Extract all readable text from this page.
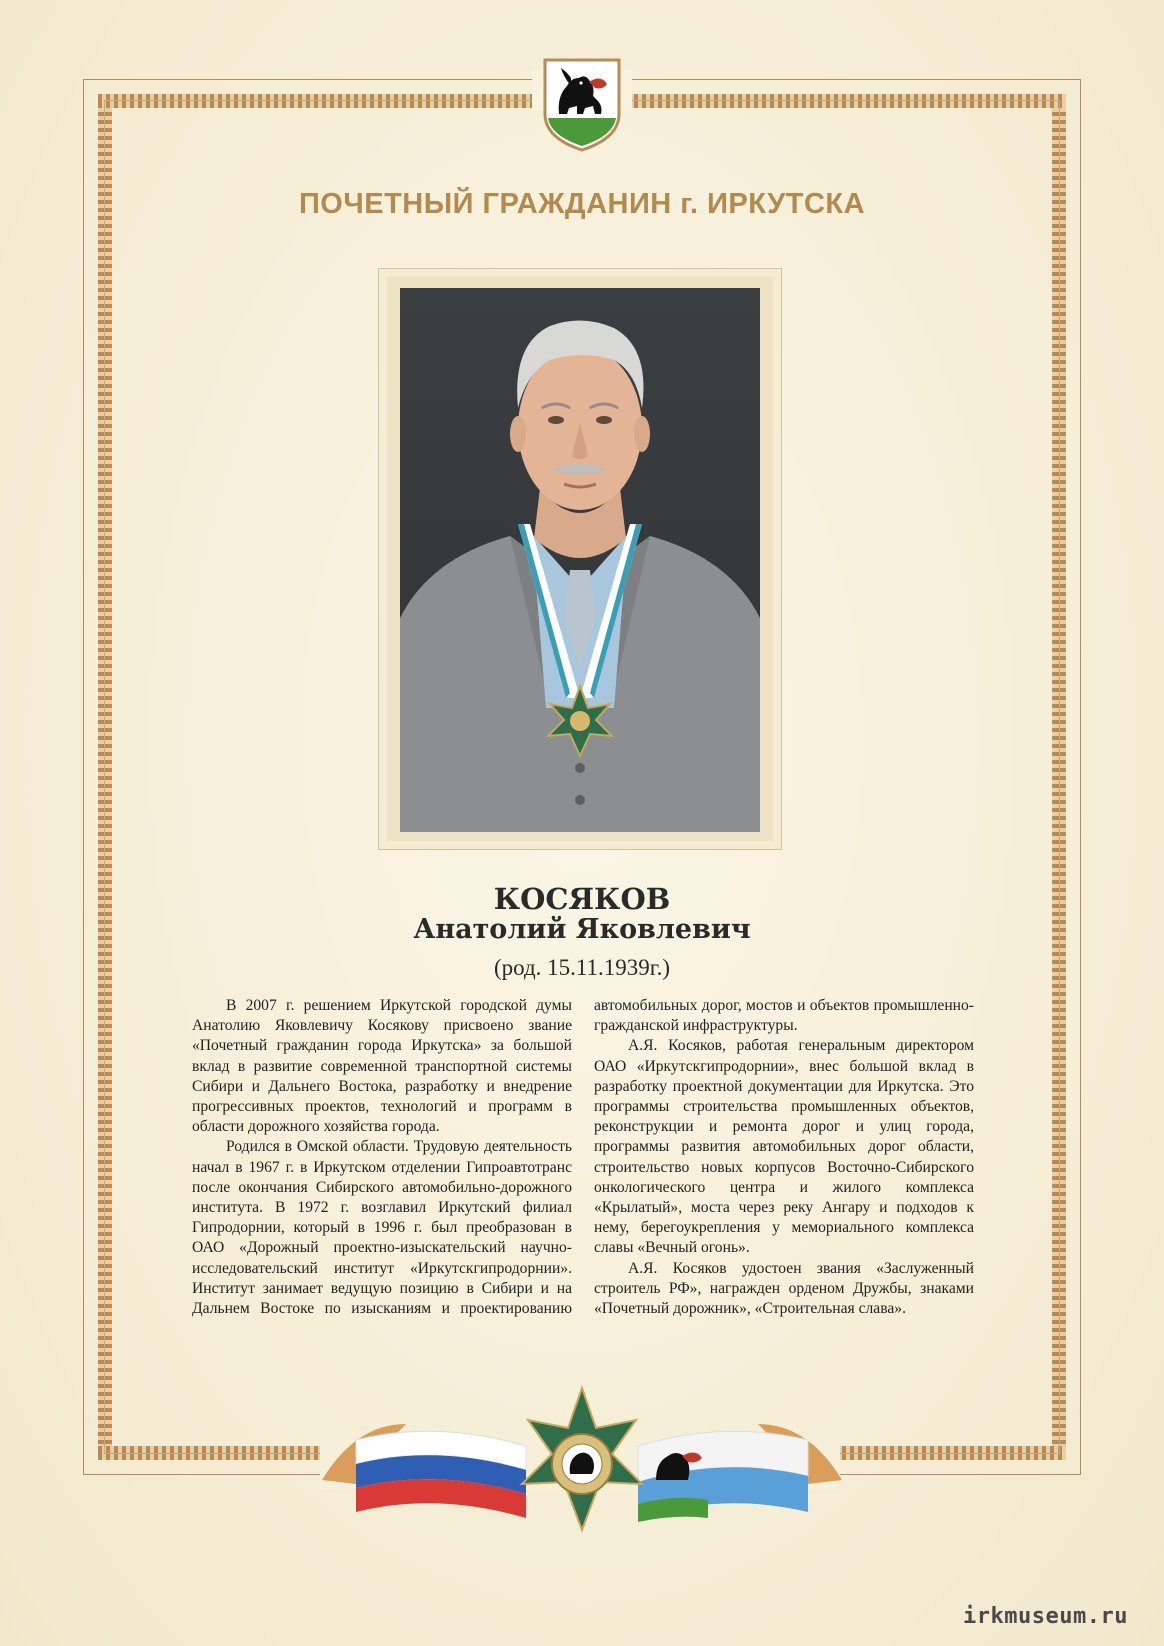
ПОЧЕТНЫЙ ГРАЖДАНИН г. ИРКУТСКА
КОСЯКОВ
Анатолий Яковлевич

(род. 15.11.1939г.)

В 2007 г. решением Иркутской городской думы Анатолию Яковлевичу Косякову присвоено звание «Почетный гражданин города Иркутска» за большой вклад в развитие современной транспортной системы Сибири и Дальнего Востока, разработку и внедрение прогрессивных проектов, технологий и программ в области дорожного хозяйства города.

Родился в Омской области. Трудовую деятельность начал в 1967 г. в Иркутском отделении Гипроавтотранс после окончания Сибирского автомобильно-дорожного института. В 1972 г. возглавил Иркутский филиал Гипродорнии, который в 1996 г. был преобразован в ОАО «Дорожный проектно-изыскательский научно-исследовательский институт «Иркутскгипродорнии». Институт занимает ведущую позицию в Сибири и на Дальнем Востоке по изысканиям и проектированию автомобильных дорог, мостов и объектов промышленно-гражданской инфраструктуры.

А.Я. Косяков, работая генеральным директором ОАО «Иркутскгипродорнии», внес большой вклад в разработку проектной документации для Иркутска. Это программы строительства промышленных объектов, реконструкции и ремонта дорог и улиц города, программы развития автомобильных дорог области, строительство новых корпусов Восточно-Сибирского онкологического центра и жилого комплекса «Крылатый», моста через реку Ангару и подходов к нему, берегоукрепления у мемориального комплекса славы «Вечный огонь».

А.Я. Косяков удостоен звания «Заслуженный строитель РФ», награжден орденом Дружбы, знаками «Почетный дорожник», «Строительная слава».

irkmuseum.ru
